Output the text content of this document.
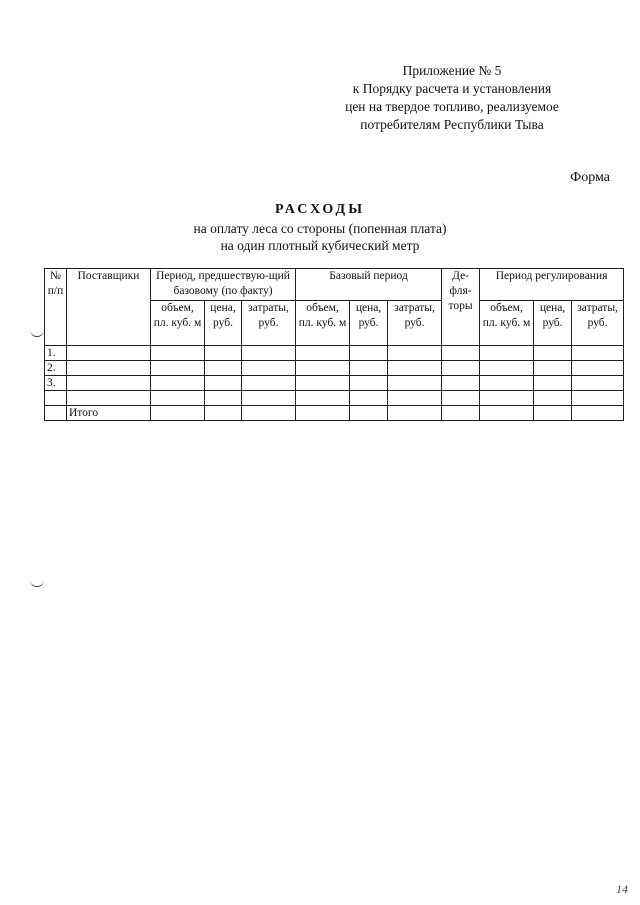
Приложение № 5
к Порядку расчета и установления
цен на твердое топливо, реализуемое
потребителям Республики Тыва
Форма
РАСХОДЫ
на оплату леса со стороны (попенная плата)
на один плотный кубический метр
№ п/п	Поставщики	Период, предшествую-щий базовому (по факту)			Базовый период			Де-фля-торы	Период регулирования		
		объем, пл. куб. м	цена, руб.	затраты, руб.	объем, пл. куб. м	цена, руб.	затраты, руб.		объем, пл. куб. м	цена, руб.	затраты, руб.
1.											
2.											
3.											

	Итого										
14
